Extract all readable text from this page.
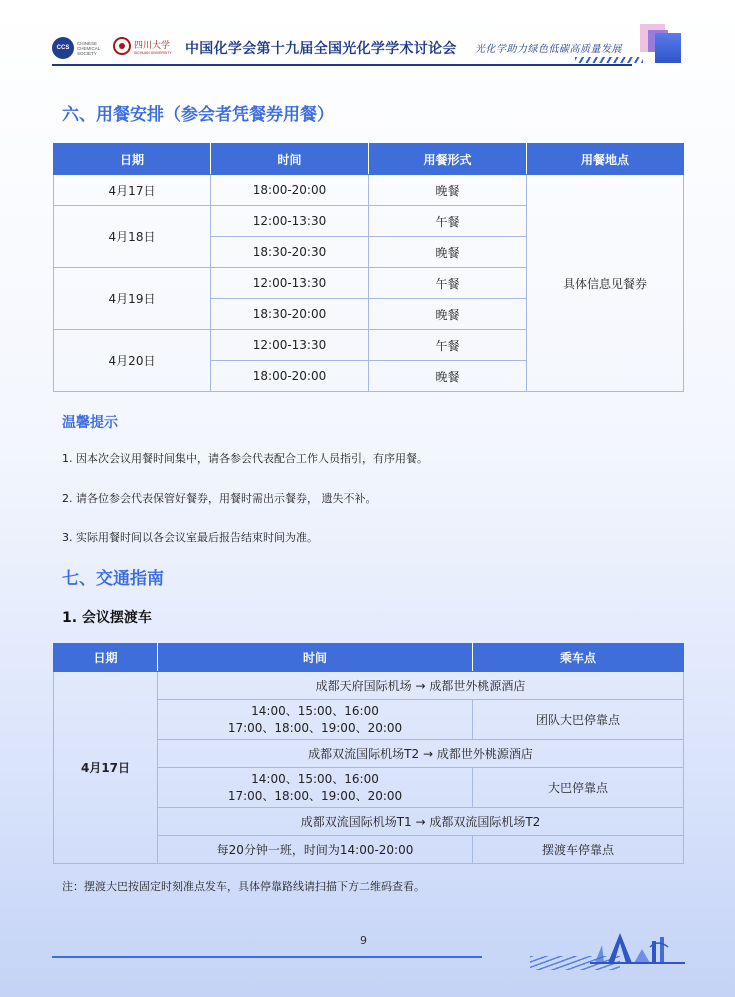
CCS
CHINESE CHEMICAL SOCIETY
四川大学
SICHUAN UNIVERSITY 中国化学会第十九届全国光化学学术讨论会 光化学助力绿色低碳高质量发展
六、用餐安排（参会者凭餐券用餐）
日期	时间	用餐形式	用餐地点
4月17日	18:00-20:00	晚餐	具体信息见餐券
4月18日	12:00-13:30	午餐	
	18:30-20:30	晚餐	
4月19日	12:00-13:30	午餐	
	18:30-20:00	晚餐	
4月20日	12:00-13:30	午餐	
	18:00-20:00	晚餐	
温馨提示
1. 因本次会议用餐时间集中，请各参会代表配合工作人员指引，有序用餐。
2. 请各位参会代表保管好餐券，用餐时需出示餐券， 遗失不补。
3. 实际用餐时间以各会议室最后报告结束时间为准。
七、交通指南
1. 会议摆渡车
日期	时间	乘车点
4月17日	成都天府国际机场 → 成都世外桃源酒店	

	14:00、15:00、16:00
17:00、18:00、19:00、20:00	团队大巴停靠点
	成都双流国际机场T2 → 成都世外桃源酒店	

	14:00、15:00、16:00
17:00、18:00、19:00、20:00	大巴停靠点
	成都双流国际机场T1 → 成都双流国际机场T2	
	每20分钟一班，时间为14:00-20:00	摆渡车停靠点
注：摆渡大巴按固定时刻准点发车，具体停靠路线请扫描下方二维码查看。
9
